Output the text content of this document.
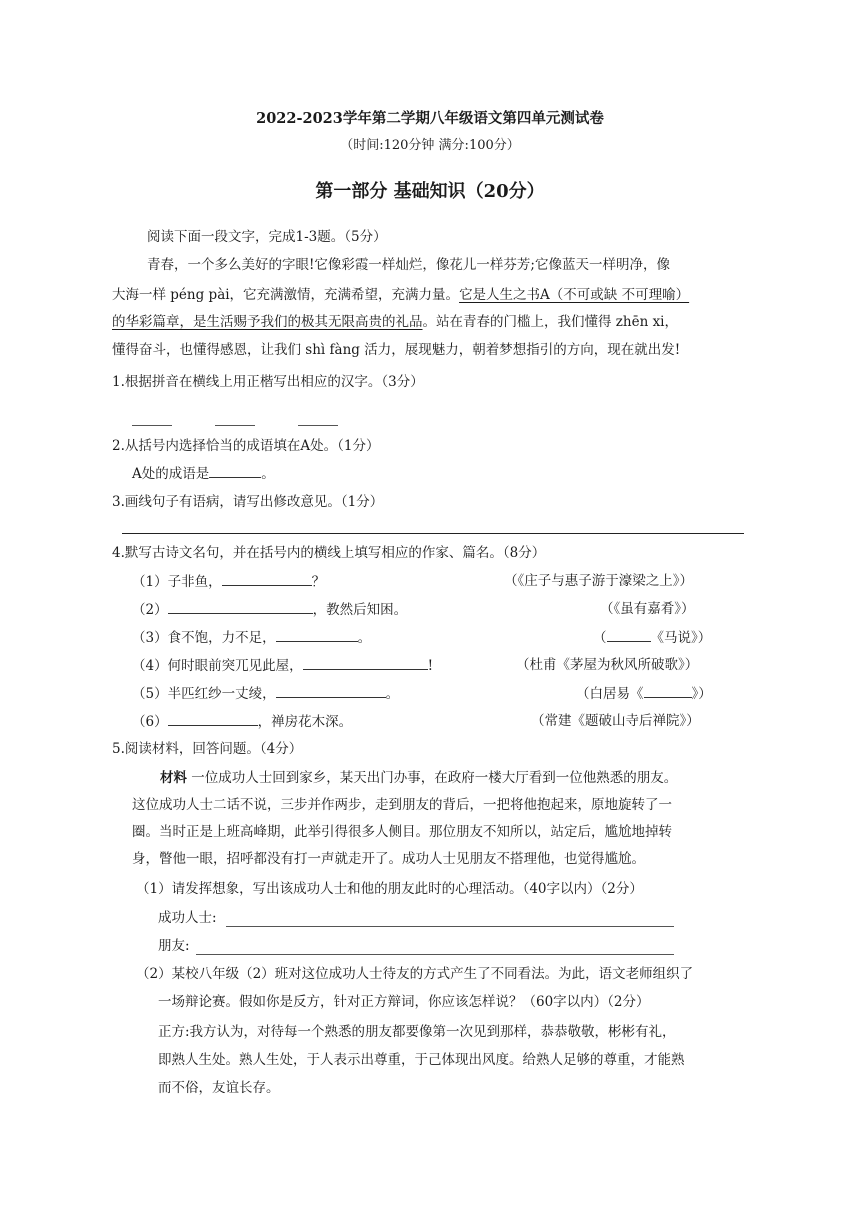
2022-2023学年第二学期八年级语文第四单元测试卷
（时间:120分钟 满分:100分）
第一部分 基础知识（20分）
阅读下面一段文字，完成1-3题。（5分）
青春，一个多么美好的字眼!它像彩霞一样灿烂，像花儿一样芬芳;它像蓝天一样明净，像
大海一样 péng pài，它充满激情，充满希望，充满力量。它是人生之书A（不可或缺 不可理喻）
的华彩篇章，是生活赐予我们的极其无限高贵的礼品。站在青春的门槛上，我们懂得 zhēn xi，
懂得奋斗，也懂得感恩，让我们 shì fàng 活力，展现魅力，朝着梦想指引的方向，现在就出发!
1.根据拼音在横线上用正楷写出相应的汉字。（3分）
2.从括号内选择恰当的成语填在A处。（1分）
A处的成语是	。
3.画线句子有语病，请写出修改意见。（1分）
4.默写古诗文名句，并在括号内的横线上填写相应的作家、篇名。（8分）
（1）子非鱼，	？	（《庄子与惠子游于濠梁之上》）
（2）	，教然后知困。	（《虽有嘉肴》）
（3）食不饱，力不足，	。	（	《马说》）
（4）何时眼前突兀见此屋，	!	（杜甫《茅屋为秋风所破歌》）
（5）半匹红纱一丈绫，	。	（白居易《	》）
（6）	，禅房花木深。	（常建《题破山寺后禅院》）
5.阅读材料，回答问题。（4分）
材料 一位成功人士回到家乡，某天出门办事，在政府一楼大厅看到一位他熟悉的朋友。
这位成功人士二话不说，三步并作两步，走到朋友的背后，一把将他抱起来，原地旋转了一
圈。当时正是上班高峰期，此举引得很多人侧目。那位朋友不知所以，站定后，尴尬地掉转
身，瞥他一眼，招呼都没有打一声就走开了。成功人士见朋友不搭理他，也觉得尴尬。
（1）请发挥想象，写出该成功人士和他的朋友此时的心理活动。（40字以内）（2分）
成功人士:
朋友:
（2）某校八年级（2）班对这位成功人士待友的方式产生了不同看法。为此，语文老师组织了
一场辩论赛。假如你是反方，针对正方辩词，你应该怎样说？（60字以内）（2分）
正方:我方认为，对待每一个熟悉的朋友都要像第一次见到那样，恭恭敬敬，彬彬有礼，
即熟人生处。熟人生处，于人表示出尊重，于己体现出风度。给熟人足够的尊重，才能熟
而不俗，友谊长存。
